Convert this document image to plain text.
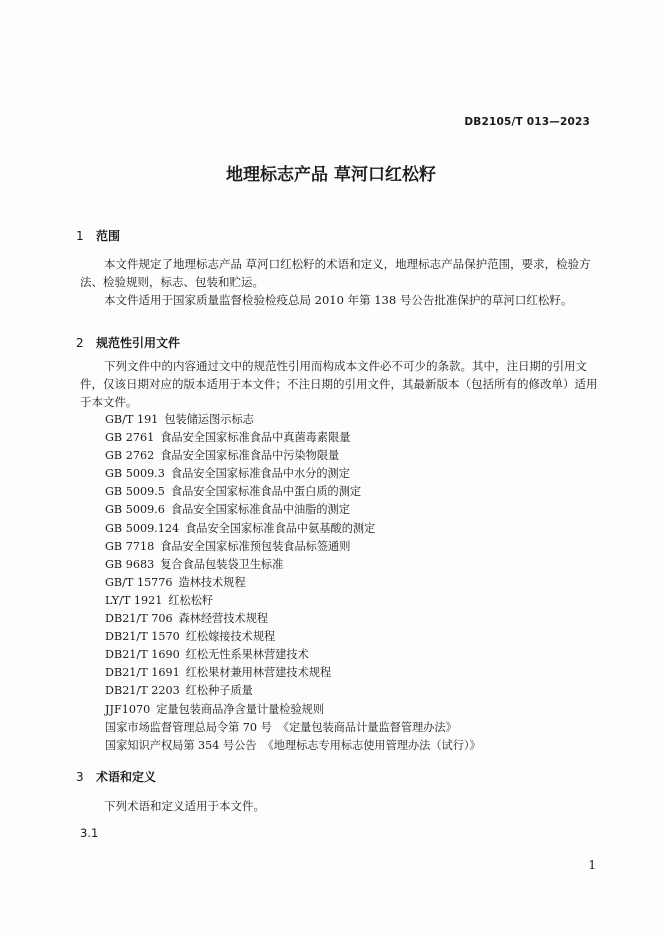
DB2105/T 013—2023
地理标志产品 草河口红松籽
1 范围
本文件规定了地理标志产品 草河口红松籽的术语和定义，地理标志产品保护范围，要求，检验方法、检验规则，标志、包装和贮运。
本文件适用于国家质量监督检验检疫总局 2010 年第 138 号公告批准保护的草河口红松籽。
2 规范性引用文件
下列文件中的内容通过文中的规范性引用而构成本文件必不可少的条款。其中，注日期的引用文件，仅该日期对应的版本适用于本文件；不注日期的引用文件，其最新版本（包括所有的修改单）适用于本文件。
GB/T 191 包装储运图示标志
GB 2761 食品安全国家标准食品中真菌毒素限量
GB 2762 食品安全国家标准食品中污染物限量
GB 5009.3 食品安全国家标准食品中水分的测定
GB 5009.5 食品安全国家标准食品中蛋白质的测定
GB 5009.6 食品安全国家标准食品中油脂的测定
GB 5009.124 食品安全国家标准食品中氨基酸的测定
GB 7718 食品安全国家标准预包装食品标签通则
GB 9683 复合食品包装袋卫生标准
GB/T 15776 造林技术规程
LY/T 1921 红松松籽
DB21/T 706 森林经营技术规程
DB21/T 1570 红松嫁接技术规程
DB21/T 1690 红松无性系果林营建技术
DB21/T 1691 红松果材兼用林营建技术规程
DB21/T 2203 红松种子质量
JJF1070 定量包装商品净含量计量检验规则
国家市场监督管理总局令第 70 号 《定量包装商品计量监督管理办法》
国家知识产权局第 354 号公告 《地理标志专用标志使用管理办法（试行）》
3 术语和定义
下列术语和定义适用于本文件。
3.1
1
